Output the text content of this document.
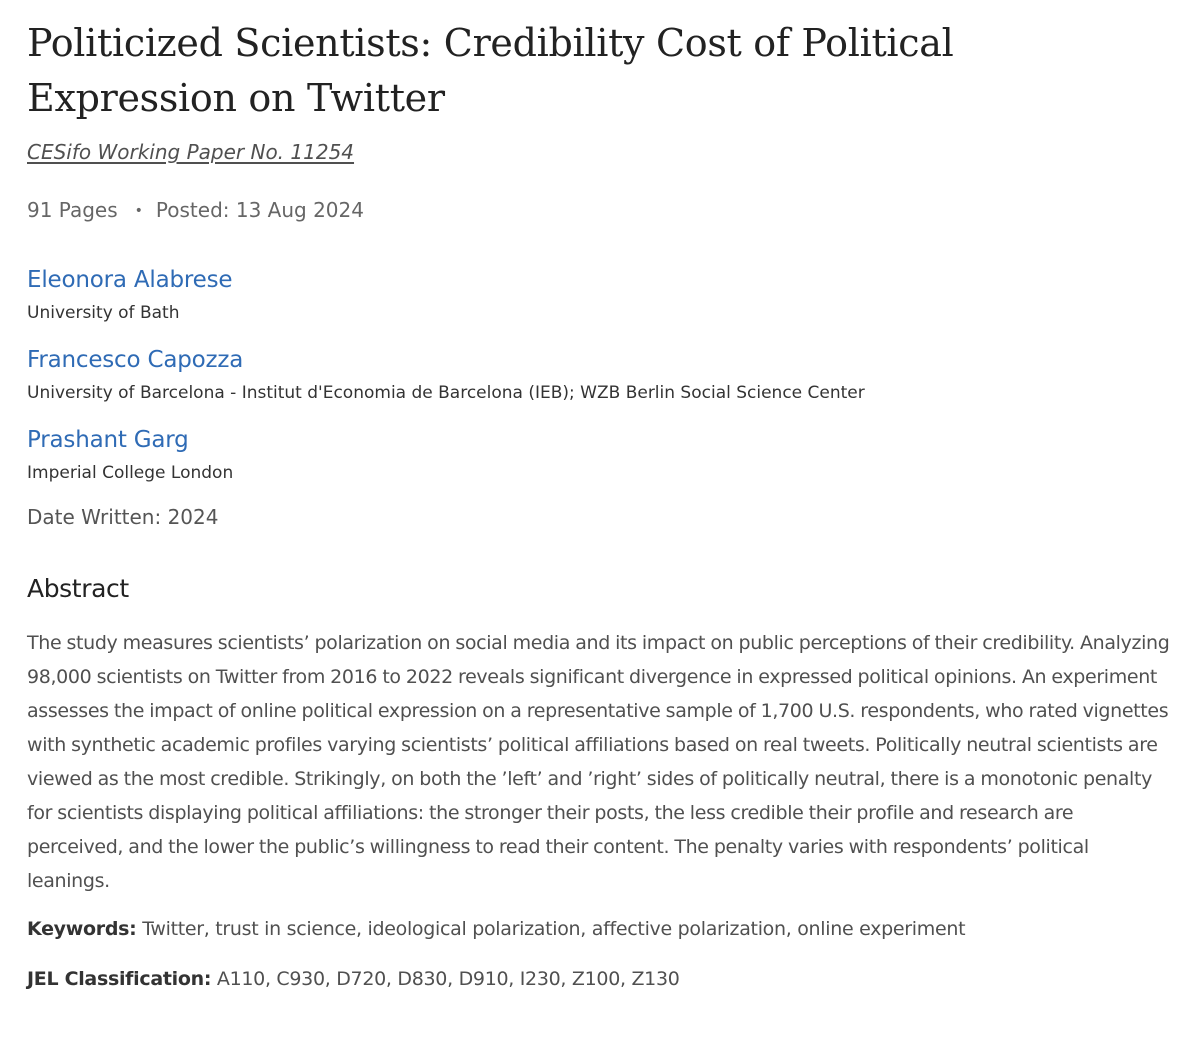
Politicized Scientists: Credibility Cost of Political Expression on Twitter
CESifo Working Paper No. 11254
91 Pages • Posted: 13 Aug 2024
Eleonora Alabrese
University of Bath
Francesco Capozza
University of Barcelona - Institut d'Economia de Barcelona (IEB); WZB Berlin Social Science Center
Prashant Garg
Imperial College London
Date Written: 2024
Abstract
The study measures scientists’ polarization on social media and its impact on public perceptions of their credibility. Analyzing 98,000 scientists on Twitter from 2016 to 2022 reveals significant divergence in expressed political opinions. An experiment assesses the impact of online political expression on a representative sample of 1,700 U.S. respondents, who rated vignettes with synthetic academic profiles varying scientists’ political affiliations based on real tweets. Politically neutral scientists are viewed as the most credible. Strikingly, on both the ’left’ and ’right’ sides of politically neutral, there is a monotonic penalty for scientists displaying political affiliations: the stronger their posts, the less credible their profile and research are perceived, and the lower the public’s willingness to read their content. The penalty varies with respondents’ political leanings.
Keywords: Twitter, trust in science, ideological polarization, affective polarization, online experiment
JEL Classification: A110, C930, D720, D830, D910, I230, Z100, Z130
